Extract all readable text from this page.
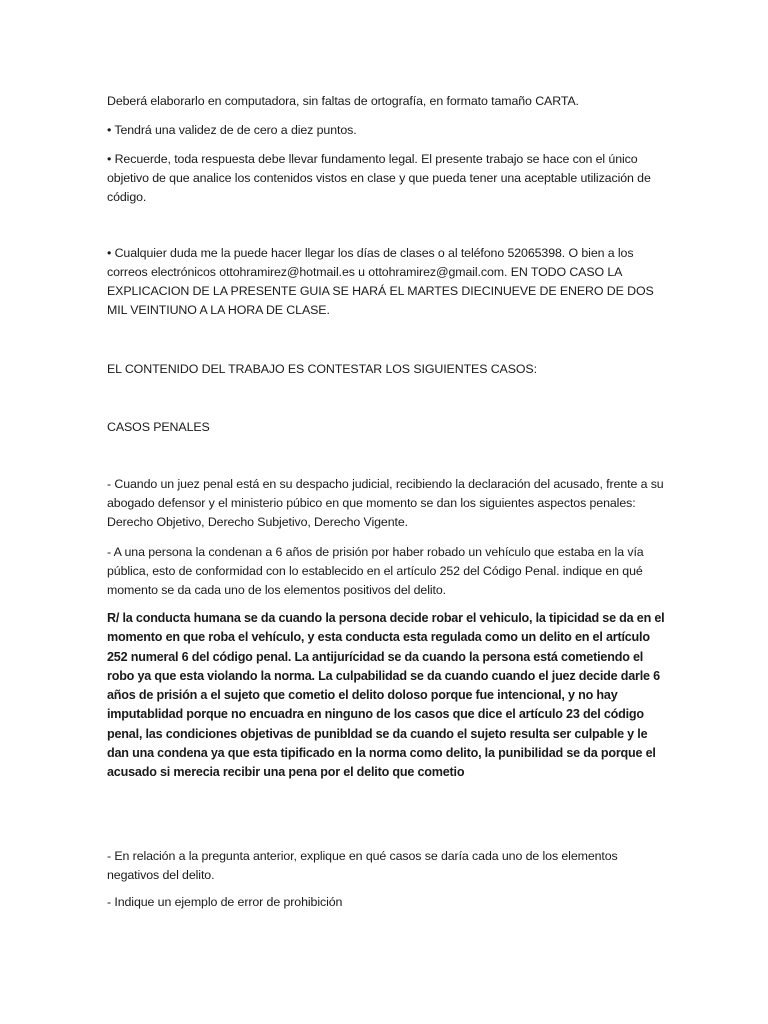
Deberá elaborarlo en computadora, sin faltas de ortografía, en formato tamaño CARTA.

• Tendrá una validez de de cero a diez puntos.

• Recuerde, toda respuesta debe llevar fundamento legal. El presente trabajo se hace con el único objetivo de que analice los contenidos vistos en clase y que pueda tener una aceptable utilización de código.

• Cualquier duda me la puede hacer llegar los días de clases o al teléfono 52065398. O bien a los correos electrónicos ottohramirez@hotmail.es u ottohramirez@gmail.com. EN TODO CASO LA EXPLICACION DE LA PRESENTE GUIA SE HARÁ EL MARTES DIECINUEVE DE ENERO DE DOS MIL VEINTIUNO A LA HORA DE CLASE.

EL CONTENIDO DEL TRABAJO ES CONTESTAR LOS SIGUIENTES CASOS:

CASOS PENALES

- Cuando un juez penal está en su despacho judicial, recibiendo la declaración del acusado, frente a su abogado defensor y el ministerio púbico en que momento se dan los siguientes aspectos penales: Derecho Objetivo, Derecho Subjetivo, Derecho Vigente.

- A una persona la condenan a 6 años de prisión por haber robado un vehículo que estaba en la vía pública, esto de conformidad con lo establecido en el artículo 252 del Código Penal. indique en qué momento se da cada uno de los elementos positivos del delito.

R/ la conducta humana se da cuando la persona decide robar el vehiculo, la tipicidad se da en el momento en que roba el vehículo, y esta conducta esta regulada como un delito en el artículo 252 numeral 6 del código penal. La antijurícidad se da cuando la persona está cometiendo el robo ya que esta violando la norma. La culpabilidad se da cuando cuando el juez decide darle 6 años de prisión a el sujeto que cometio el delito doloso porque fue intencional, y no hay imputablidad porque no encuadra en ninguno de los casos que dice el artículo 23 del código penal, las condiciones objetivas de punibldad se da cuando el sujeto resulta ser culpable y le dan una condena ya que esta tipificado en la norma como delito, la punibilidad se da porque el acusado si merecia recibir una pena por el delito que cometio

- En relación a la pregunta anterior, explique en qué casos se daría cada uno de los elementos negativos del delito.

- Indique un ejemplo de error de prohibición
